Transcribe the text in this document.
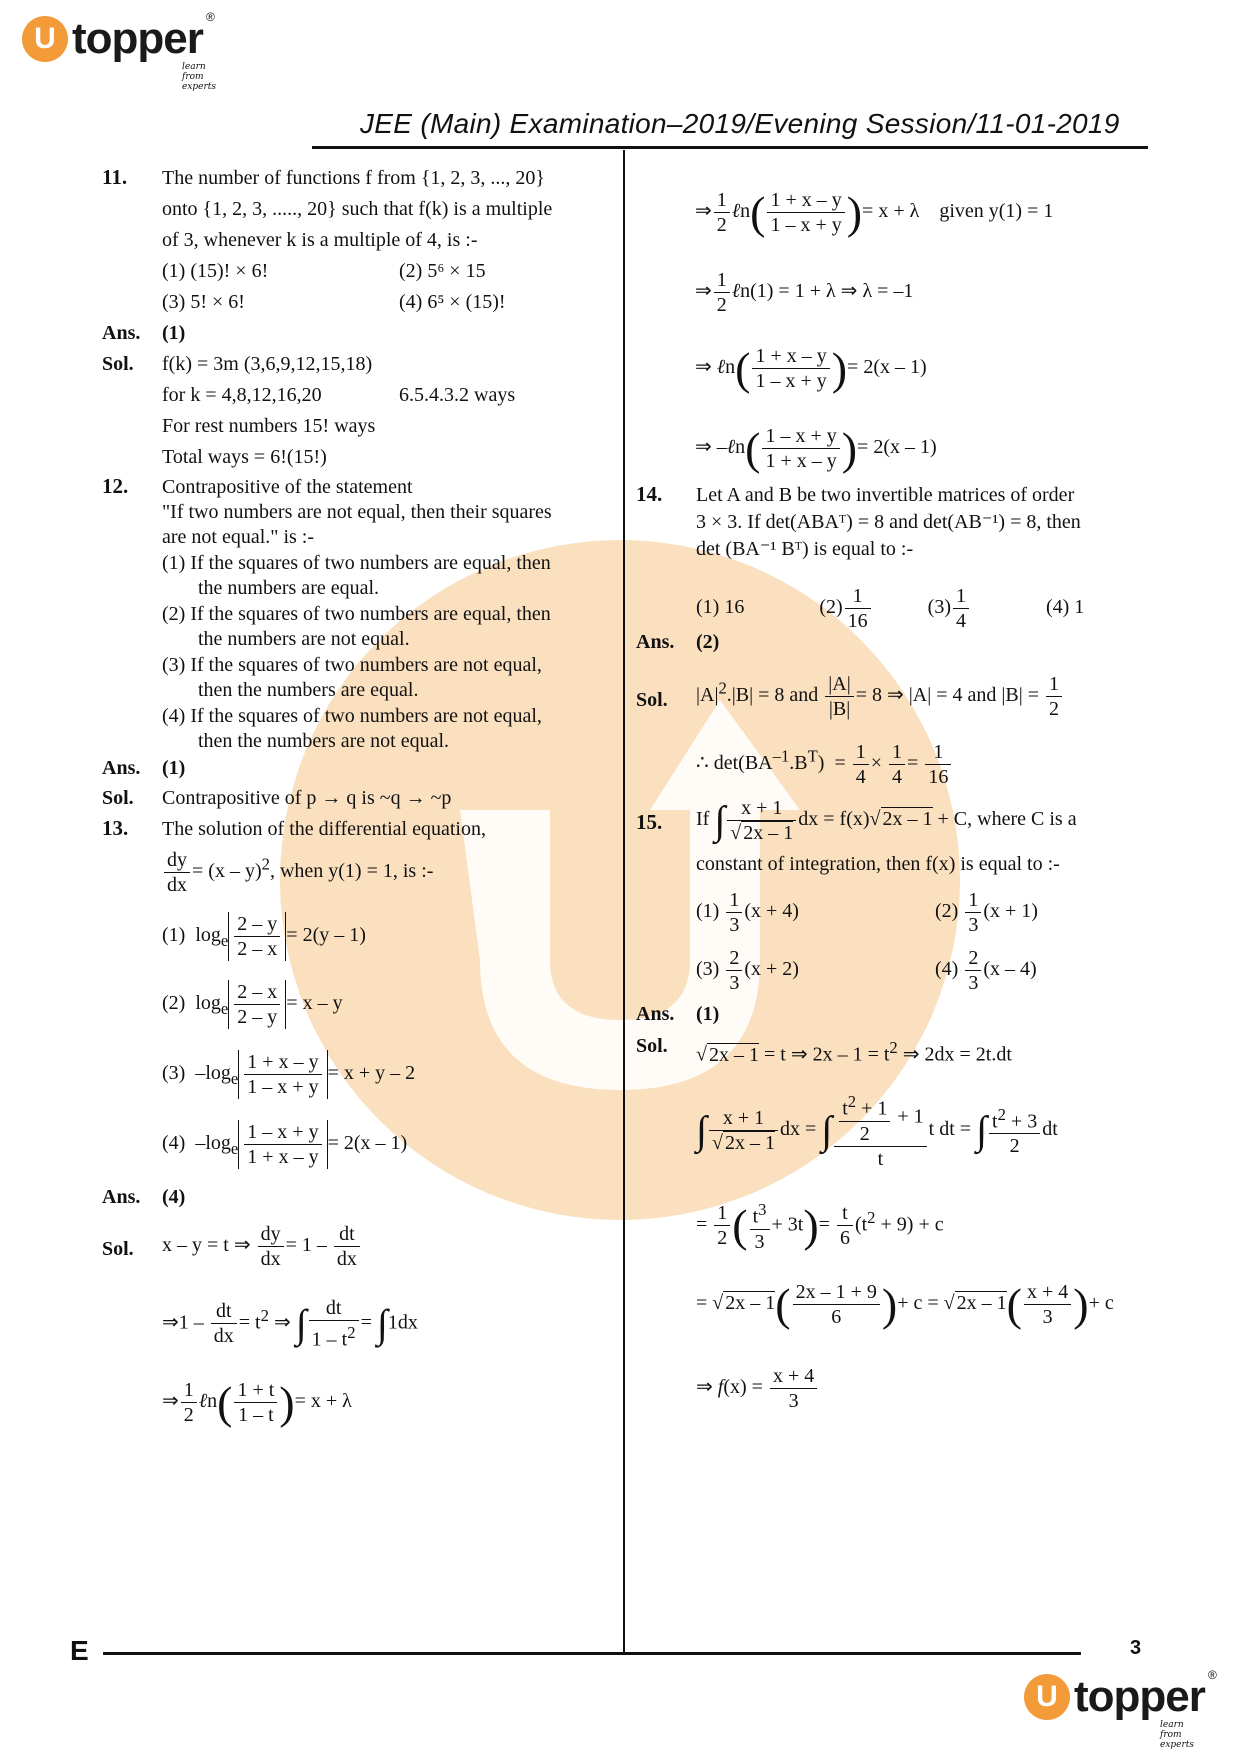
U topper ®
learn from experts
JEE (Main) Examination–2019/Evening Session/11-01-2019
11. The number of functions f from {1, 2, 3, ..., 20}
onto {1, 2, 3, ....., 20} such that f(k) is a multiple
of 3, whenever k is a multiple of 4, is :-
(1) (15)! × 6!	(2) 5⁶ × 15
(3) 5! × 6!	(4) 6⁵ × (15)!
Ans. (1)
Sol. f(k) = 3m (3,6,9,12,15,18)
for k = 4,8,12,16,20	6.5.4.3.2 ways
For rest numbers 15! ways
Total ways = 6!(15!)
12. Contrapositive of the statement
"If two numbers are not equal, then their squares
are not equal." is :-
(1) If the squares of two numbers are equal, then
the numbers are equal.
(2) If the squares of two numbers are equal, then
the numbers are not equal.
(3) If the squares of two numbers are not equal,
then the numbers are equal.
(4) If the squares of two numbers are not equal,
then the numbers are not equal.
Ans. (1)
Sol. Contrapositive of p → q is ~q → ~p
13. The solution of the differential equation,
$\frac{dy}{dx} = (x - y)^2$, when y(1) = 1, is :-
(1)  $\log_e \frac{2 - y}{2 - x} = 2(y - 1)$
(2)  $\log_e \frac{2 - x}{2 - y} = x - y$
(3)  $-\log_e \frac{1 + x - y}{1 - x + y} = x + y - 2$
(4)  $-\log_e \frac{1 - x + y}{1 + x - y} = 2(x - 1)$
Ans. (4)
Sol. x – y = t ⇒ $\frac{dy}{dx} = 1 - \frac{dt}{dx}$
⇒1 – $\frac{dt}{dx} = t^2$ ⇒ ∫ $\frac{dt}{1 - t^2} = \int 1dx$
⇒ $\frac{1}{2}$ ℓn( $\frac{1 + t}{1 - t}$ )= x + λ
⇒ $\frac{1}{2}$ ℓn( $\frac{1 + x - y}{1 - x + y}$ )= x + λ    given y(1) = 1
⇒ $\frac{1}{2}$ ℓn(1) = 1 + λ ⇒ λ = –1
⇒ ℓn( $\frac{1 + x - y}{1 - x + y}$ )= 2(x – 1)
⇒ –ℓn( $\frac{1 - x + y}{1 + x - y}$ )= 2(x – 1)
14. Let A and B be two invertible matrices of order
3 × 3. If det(ABAᵀ) = 8 and det(AB⁻¹) = 8, then
det (BA⁻¹ Bᵀ) is equal to :-
(1) 16	$(2) \frac{1}{16}$	$(3) \frac{1}{4}$	(4) 1
Ans. (2)
Sol. $|A|^2.|B| = 8$ and $\frac{|A|}{|B|} = 8$ ⇒ |A| = 4 and $|B| = \frac{1}{2}$
∴ $\det(BA^{-1}.B^T) = \frac{1}{4} \times \frac{1}{4} = \frac{1}{16}$
15. If ∫ $\frac{x + 1}{√ 2x - 1}$ dx = f(x)√ 2x – 1 + C, where C is a
constant of integration, then f(x) is equal to :-
$(1) \frac{1}{3} (x + 4)$	$(2) \frac{1}{3} (x + 1)$
$(3) \frac{2}{3} (x + 2)$	$(4) \frac{2}{3} (x - 4)$
Ans. (1)
Sol. √ 2x – 1 = t ⇒ $2x - 1 = t^2$ ⇒ 2dx = 2t.dt
∫ $\frac{x + 1}{√ 2x - 1}$ dx = ∫ $\frac{\frac{t^2 + 1}{2} + 1}{t}$ t dt = ∫ $\frac{t^2 + 3}{2}$ dt
= $\frac{1}{2}$ ( $\frac{t^3}{3} + 3t)= \frac{t}{6} (t^2 + 9) + c$
= √ $2x - 1( \frac{2x - 1 + 9}{6}$ )+ c = √ $2x - 1( \frac{x + 4}{3}$ )+ c
⇒ $f(x) = \frac{x + 4}{3}$
E	3
U topper ®
learn from experts
